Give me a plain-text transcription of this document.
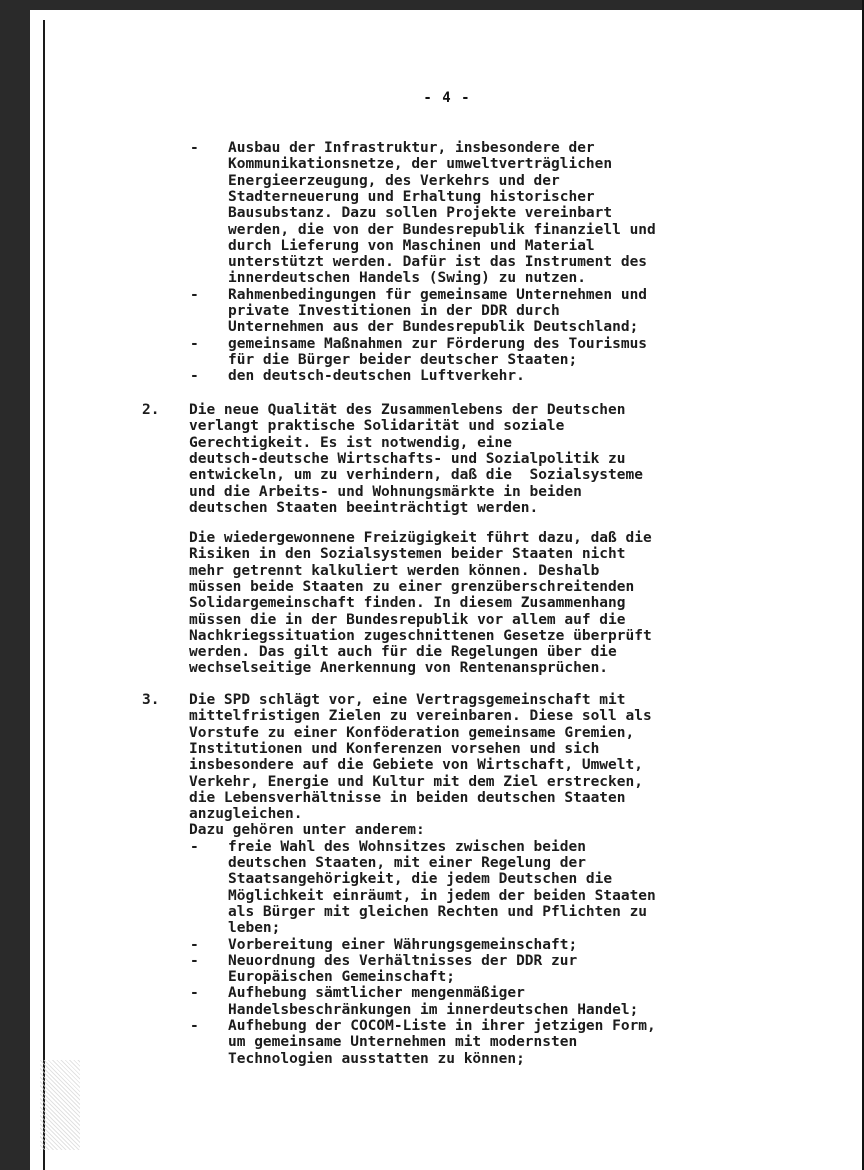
- 4 -
- Ausbau der Infrastruktur, insbesondere der
Kommunikationsnetze, der umweltverträglichen
Energieerzeugung, des Verkehrs und der
Stadterneuerung und Erhaltung historischer
Bausubstanz. Dazu sollen Projekte vereinbart
werden, die von der Bundesrepublik finanziell und
durch Lieferung von Maschinen und Material
unterstützt werden. Dafür ist das Instrument des
innerdeutschen Handels (Swing) zu nutzen.
- Rahmenbedingungen für gemeinsame Unternehmen und
private Investitionen in der DDR durch
Unternehmen aus der Bundesrepublik Deutschland;
- gemeinsame Maßnahmen zur Förderung des Tourismus
für die Bürger beider deutscher Staaten;
- den deutsch-deutschen Luftverkehr.
2. Die neue Qualität des Zusammenlebens der Deutschen
verlangt praktische Solidarität und soziale
Gerechtigkeit. Es ist notwendig, eine
deutsch-deutsche Wirtschafts- und Sozialpolitik zu
entwickeln, um zu verhindern, daß die  Sozialsysteme
und die Arbeits- und Wohnungsmärkte in beiden
deutschen Staaten beeinträchtigt werden.
Die wiedergewonnene Freizügigkeit führt dazu, daß die
Risiken in den Sozialsystemen beider Staaten nicht
mehr getrennt kalkuliert werden können. Deshalb
müssen beide Staaten zu einer grenzüberschreitenden
Solidargemeinschaft finden. In diesem Zusammenhang
müssen die in der Bundesrepublik vor allem auf die
Nachkriegssituation zugeschnittenen Gesetze überprüft
werden. Das gilt auch für die Regelungen über die
wechselseitige Anerkennung von Rentenansprüchen.
3. Die SPD schlägt vor, eine Vertragsgemeinschaft mit
mittelfristigen Zielen zu vereinbaren. Diese soll als
Vorstufe zu einer Konföderation gemeinsame Gremien,
Institutionen und Konferenzen vorsehen und sich
insbesondere auf die Gebiete von Wirtschaft, Umwelt,
Verkehr, Energie und Kultur mit dem Ziel erstrecken,
die Lebensverhältnisse in beiden deutschen Staaten
anzugleichen.
Dazu gehören unter anderem:
- freie Wahl des Wohnsitzes zwischen beiden
deutschen Staaten, mit einer Regelung der
Staatsangehörigkeit, die jedem Deutschen die
Möglichkeit einräumt, in jedem der beiden Staaten
als Bürger mit gleichen Rechten und Pflichten zu
leben;
- Vorbereitung einer Währungsgemeinschaft;
- Neuordnung des Verhältnisses der DDR zur
Europäischen Gemeinschaft;
- Aufhebung sämtlicher mengenmäßiger
Handelsbeschränkungen im innerdeutschen Handel;
- Aufhebung der COCOM-Liste in ihrer jetzigen Form,
um gemeinsame Unternehmen mit modernsten
Technologien ausstatten zu können;
